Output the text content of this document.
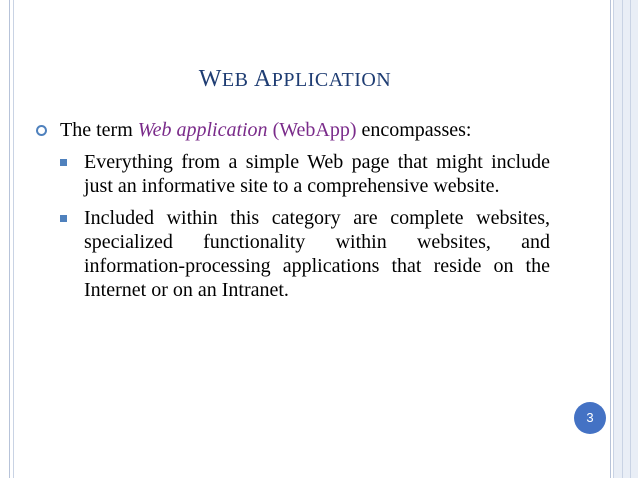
WEB APPLICATION
The term Web application (WebApp) encompasses:
Everything from a simple Web page that might include just an informative site to a comprehensive website.
Included within this category are complete websites, specialized functionality within websites, and information-processing applications that reside on the Internet or on an Intranet.
3
